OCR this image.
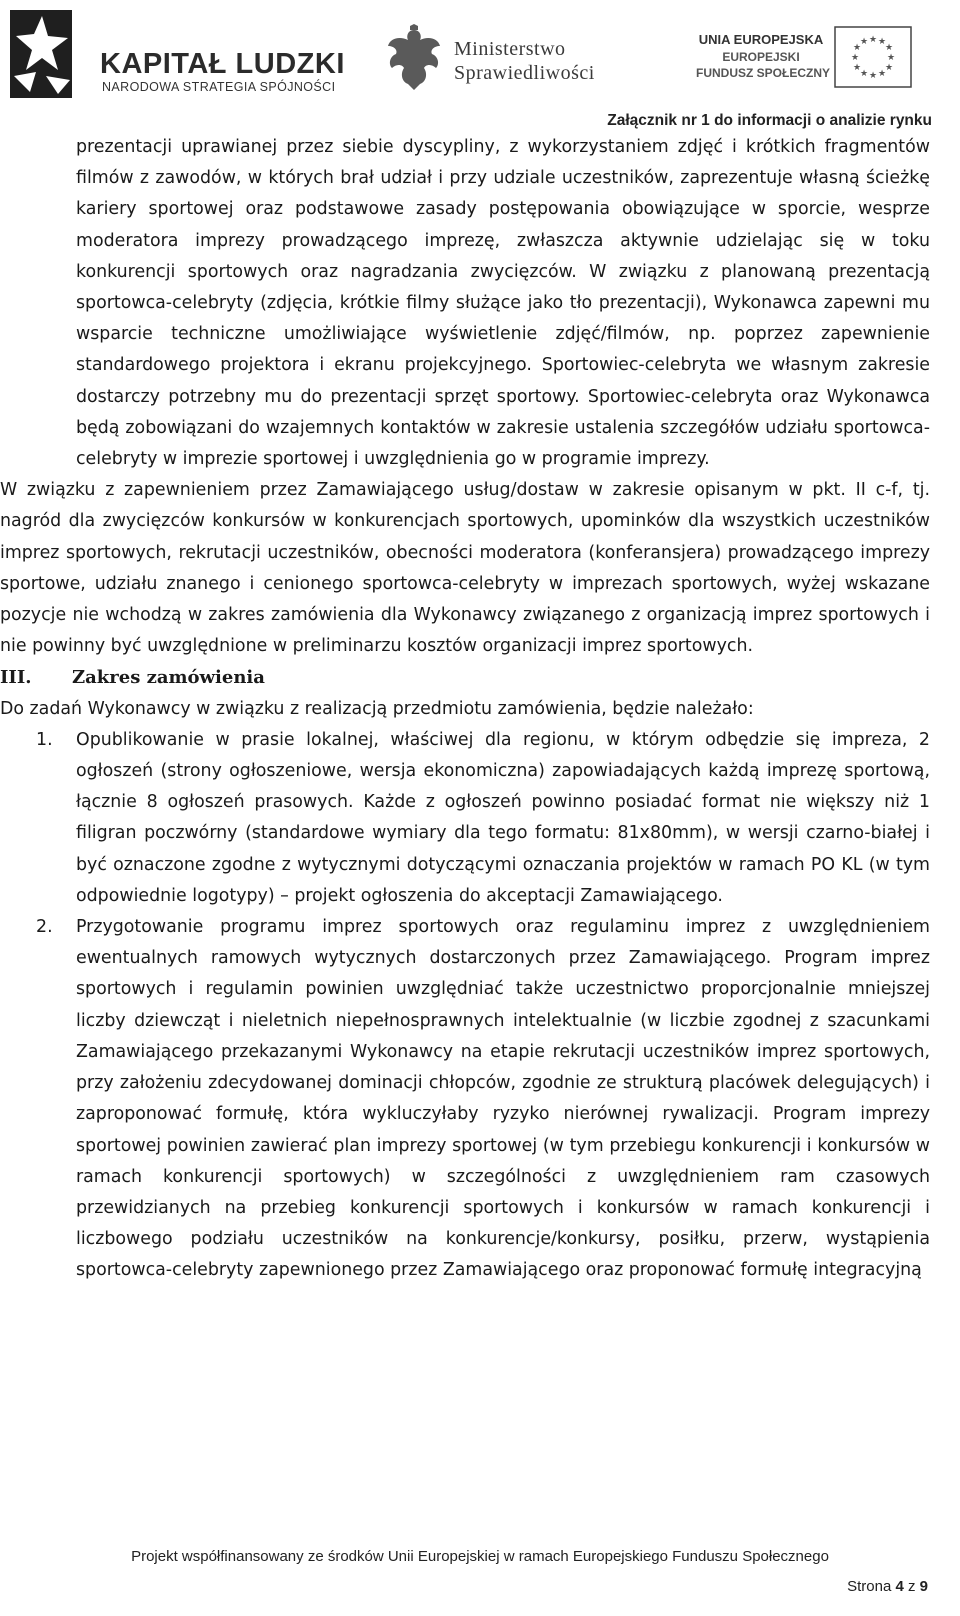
KAPITAŁ LUDZKI
NARODOWA STRATEGIA SPÓJNOŚCI
Ministerstwo
Sprawiedliwości
UNIA EUROPEJSKA
EUROPEJSKI
FUNDUSZ SPOŁECZNY
★ ★
★
★
★
★
★
★
★
★
★
★
Załącznik nr 1 do informacji o analizie rynku

prezentacji uprawianej przez siebie dyscypliny, z wykorzystaniem zdjęć i krótkich fragmentów filmów z zawodów, w których brał udział i przy udziale uczestników, zaprezentuje własną ścieżkę kariery sportowej oraz podstawowe zasady postępowania obowiązujące w sporcie, wesprze moderatora imprezy prowadzącego imprezę, zwłaszcza aktywnie udzielając się w toku konkurencji sportowych oraz nagradzania zwycięzców. W związku z planowaną prezentacją sportowca-celebryty (zdjęcia, krótkie filmy służące jako tło prezentacji), Wykonawca zapewni mu wsparcie techniczne umożliwiające wyświetlenie zdjęć/filmów, np. poprzez zapewnienie standardowego projektora i ekranu projekcyjnego. Sportowiec-celebryta we własnym zakresie dostarczy potrzebny mu do prezentacji sprzęt sportowy. Sportowiec-celebryta oraz Wykonawca będą zobowiązani do wzajemnych kontaktów w zakresie ustalenia szczegółów udziału sportowca-celebryty w imprezie sportowej i uwzględnienia go w programie imprezy.

W związku z zapewnieniem przez Zamawiającego usług/dostaw w zakresie opisanym w pkt. II c-f, tj. nagród dla zwycięzców konkursów w konkurencjach sportowych, upominków dla wszystkich uczestników imprez sportowych, rekrutacji uczestników, obecności moderatora (konferansjera) prowadzącego imprezy sportowe, udziału znanego i cenionego sportowca-celebryty w imprezach sportowych, wyżej wskazane pozycje nie wchodzą w zakres zamówienia dla Wykonawcy związanego z organizacją imprez sportowych i nie powinny być uwzględnione w preliminarzu kosztów organizacji imprez sportowych.

III. Zakres zamówienia

Do zadań Wykonawcy w związku z realizacją przedmiotu zamówienia, będzie należało:

1. Opublikowanie w prasie lokalnej, właściwej dla regionu, w którym odbędzie się impreza, 2 ogłoszeń (strony ogłoszeniowe, wersja ekonomiczna) zapowiadających każdą imprezę sportową, łącznie 8 ogłoszeń prasowych. Każde z ogłoszeń powinno posiadać format nie większy niż 1 filigran poczwórny (standardowe wymiary dla tego formatu: 81x80mm), w wersji czarno-białej i być oznaczone zgodne z wytycznymi dotyczącymi oznaczania projektów w ramach PO KL (w tym odpowiednie logotypy) – projekt ogłoszenia do akceptacji Zamawiającego.
2. Przygotowanie programu imprez sportowych oraz regulaminu imprez z uwzględnieniem ewentualnych ramowych wytycznych dostarczonych przez Zamawiającego. Program imprez sportowych i regulamin powinien uwzględniać także uczestnictwo proporcjonalnie mniejszej liczby dziewcząt i nieletnich niepełnosprawnych intelektualnie (w liczbie zgodnej z szacunkami Zamawiającego przekazanymi Wykonawcy na etapie rekrutacji uczestników imprez sportowych, przy założeniu zdecydowanej dominacji chłopców, zgodnie ze strukturą placówek delegujących) i zaproponować formułę, która wykluczyłaby ryzyko nierównej rywalizacji. Program imprezy sportowej powinien zawierać plan imprezy sportowej (w tym przebiegu konkurencji i konkursów w ramach konkurencji sportowych) w szczególności z uwzględnieniem ram czasowych przewidzianych na przebieg konkurencji sportowych i konkursów w ramach konkurencji i liczbowego podziału uczestników na konkurencje/konkursy, posiłku, przerw, wystąpienia sportowca-celebryty zapewnionego przez Zamawiającego oraz proponować formułę integracyjną
Projekt współfinansowany ze środków Unii Europejskiej w ramach Europejskiego Funduszu Społecznego
Strona 4 z 9
